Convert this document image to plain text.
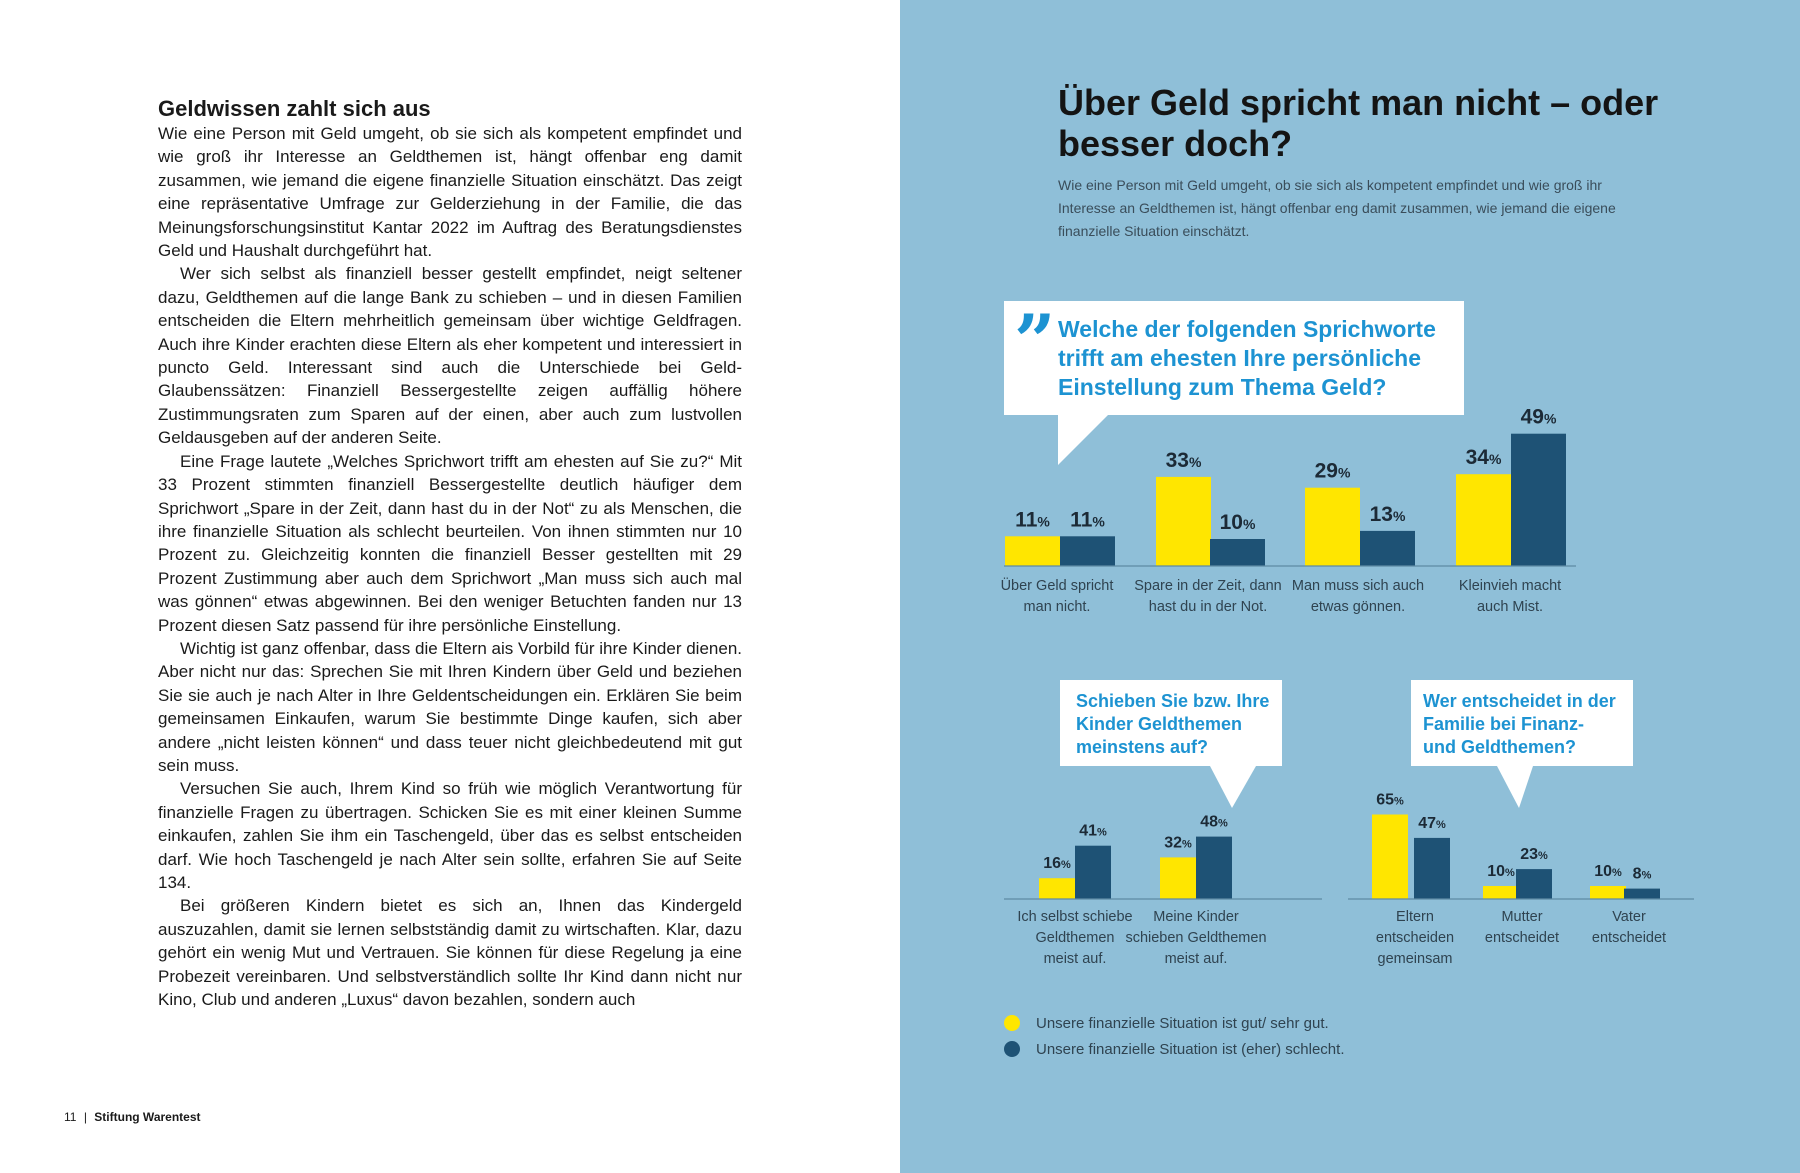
Geldwissen zahlt sich aus

Wie eine Person mit Geld umgeht, ob sie sich als kompetent empfindet und wie groß ihr Interesse an Geldthemen ist, hängt offenbar eng damit zusammen, wie jemand die eigene finanzielle Situation einschätzt. Das zeigt eine repräsentative Umfrage zur Gelderziehung in der Familie, die das Meinungsforschungsinstitut Kantar 2022 im Auftrag des Beratungsdienstes Geld und Haushalt durchgeführt hat.

Wer sich selbst als finanziell besser gestellt empfindet, neigt seltener dazu, Geldthemen auf die lange Bank zu schieben – und in diesen Familien entscheiden die Eltern mehrheitlich gemeinsam über wichtige Geldfragen. Auch ihre Kinder erachten diese Eltern als eher kompetent und interessiert in puncto Geld. Interessant sind auch die Unterschiede bei Geld-Glaubenssätzen: Finanziell Bessergestellte zeigen auffällig höhere Zustimmungsraten zum Sparen auf der einen, aber auch zum lustvollen Geldausgeben auf der anderen Seite.

Eine Frage lautete „Welches Sprichwort trifft am ehesten auf Sie zu?“ Mit 33 Prozent stimmten finanziell Bessergestellte deutlich häufiger dem Sprichwort „Spare in der Zeit, dann hast du in der Not“ zu als Menschen, die ihre finanzielle Situation als schlecht beurteilen. Von ihnen stimmten nur 10 Prozent zu. Gleichzeitig konnten die finanziell Besser gestellten mit 29 Prozent Zustimmung aber auch dem Sprichwort „Man muss sich auch mal was gönnen“ etwas abgewinnen. Bei den weniger Betuchten fanden nur 13 Prozent diesen Satz passend für ihre persönliche Einstellung.

Wichtig ist ganz offenbar, dass die Eltern ais Vorbild für ihre Kinder dienen. Aber nicht nur das: Sprechen Sie mit Ihren Kindern über Geld und beziehen Sie sie auch je nach Alter in Ihre Geldentscheidungen ein. Erklären Sie beim gemeinsamen Einkaufen, warum Sie bestimmte Dinge kaufen, sich aber andere „nicht leisten können“ und dass teuer nicht gleichbedeutend mit gut sein muss.

Versuchen Sie auch, Ihrem Kind so früh wie möglich Verantwortung für finanzielle Fragen zu übertragen. Schicken Sie es mit einer kleinen Summe einkaufen, zahlen Sie ihm ein Taschengeld, über das es selbst entscheiden darf. Wie hoch Taschengeld je nach Alter sein sollte, erfahren Sie auf Seite 134.

Bei größeren Kindern bietet es sich an, Ihnen das Kindergeld auszuzahlen, damit sie lernen selbstständig damit zu wirtschaften. Klar, dazu gehört ein wenig Mut und Vertrauen. Sie können für diese Regelung ja eine Probezeit vereinbaren. Und selbstverständlich sollte Ihr Kind dann nicht nur Kino, Club und anderen „Luxus“ davon bezahlen, sondern auch

11 | Stiftung Warentest
Über Geld spricht man nicht – oder besser doch?

Wie eine Person mit Geld umgeht, ob sie sich als kompetent empfindet und wie groß ihr Interesse an Geldthemen ist, hängt offenbar eng damit zusammen, wie jemand die eigene finanzielle Situation einschätzt.

11%
33%	29%
34%
11%	10%	13%
49%
Über Geld spricht man nicht.
Spare in der Zeit, dann hast du in der Not.
Man muss sich auch etwas gönnen.
Kleinvieh macht auch Mist.
16%
32%
41%
48%
Ich selbst schiebe Geldthemen meist auf.
Meine Kinder schieben Geldthemen meist auf.
65%
10%	10%
47%
23%
8%
Eltern entscheiden gemeinsam
Mutter entscheidet
Vater entscheidet
” Welche der folgenden Sprichworte trifft am ehesten Ihre persönliche Einstellung zum Thema Geld?
Schieben Sie bzw. Ihre Kinder Geldthemen meinstens auf?
Wer entscheidet in der Familie bei Finanz- und Geldthemen?
Unsere finanzielle Situation ist gut/ sehr gut.
Unsere finanzielle Situation ist (eher) schlecht.
